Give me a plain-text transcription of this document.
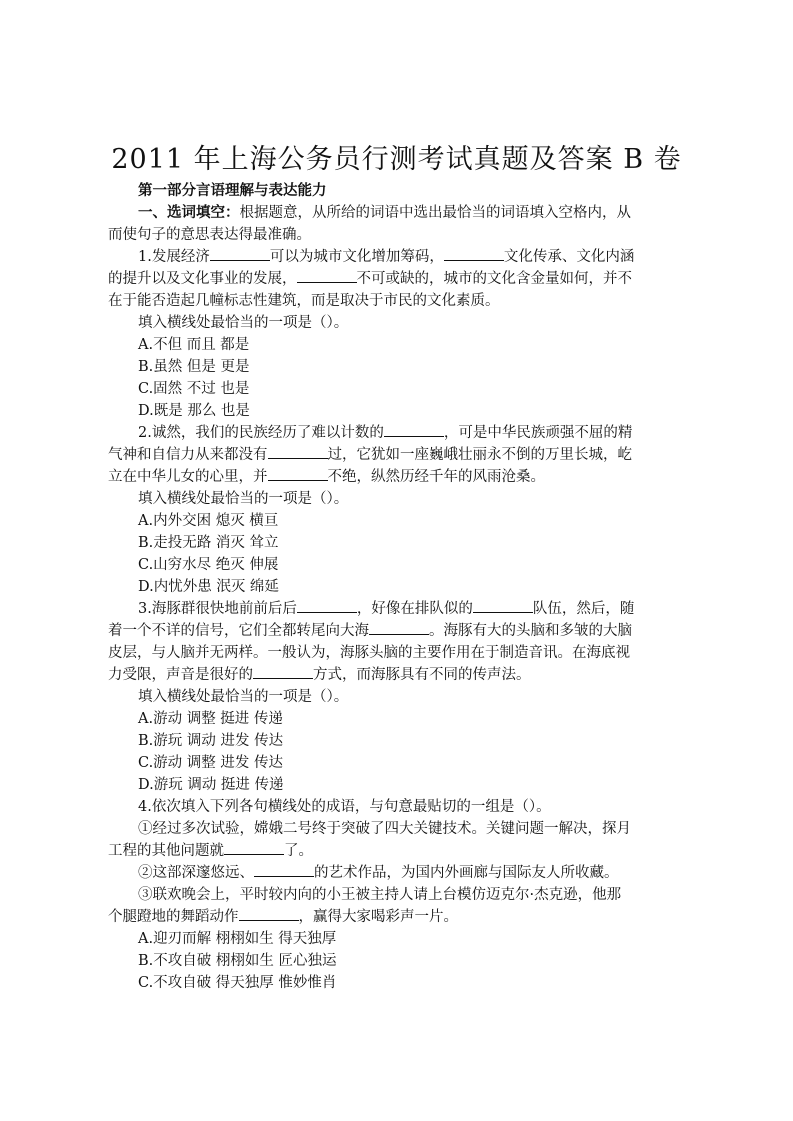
2011 年上海公务员行测考试真题及答案 B 卷
第一部分言语理解与表达能力
一、选词填空：根据题意，从所给的词语中选出最恰当的词语填入空格内，从
而使句子的意思表达得最准确。
1.发展经济	可以为城市文化增加筹码，	文化传承、文化内涵
的提升以及文化事业的发展，	不可或缺的，城市的文化含金量如何，并不
在于能否造起几幢标志性建筑，而是取决于市民的文化素质。
填入横线处最恰当的一项是（）。
A.不但 而且 都是
B.虽然 但是 更是
C.固然 不过 也是
D.既是 那么 也是
2.诚然，我们的民族经历了难以计数的	，可是中华民族顽强不屈的精
气神和自信力从来都没有	过，它犹如一座巍峨壮丽永不倒的万里长城，屹
立在中华儿女的心里，并	不绝，纵然历经千年的风雨沧桑。
填入横线处最恰当的一项是（）。
A.内外交困 熄灭 横亘
B.走投无路 消灭 耸立
C.山穷水尽 绝灭 伸展
D.内忧外患 泯灭 绵延
3.海豚群很快地前前后后	，好像在排队似的	队伍，然后，随
着一个不详的信号，它们全都转尾向大海	。海豚有大的头脑和多皱的大脑
皮层，与人脑并无两样。一般认为，海豚头脑的主要作用在于制造音讯。在海底视
力受限，声音是很好的	方式，而海豚具有不同的传声法。
填入横线处最恰当的一项是（）。
A.游动 调整 挺进 传递
B.游玩 调动 进发 传达
C.游动 调整 进发 传达
D.游玩 调动 挺进 传递
4.依次填入下列各句横线处的成语，与句意最贴切的一组是（）。
①经过多次试验，嫦娥二号终于突破了四大关键技术。关键问题一解决，探月
工程的其他问题就	了。
②这部深邃悠远、	的艺术作品，为国内外画廊与国际友人所收藏。
③联欢晚会上，平时较内向的小王被主持人请上台模仿迈克尔·杰克逊，他那
个腿蹬地的舞蹈动作	，赢得大家喝彩声一片。
A.迎刃而解 栩栩如生 得天独厚
B.不攻自破 栩栩如生 匠心独运
C.不攻自破 得天独厚 惟妙惟肖
